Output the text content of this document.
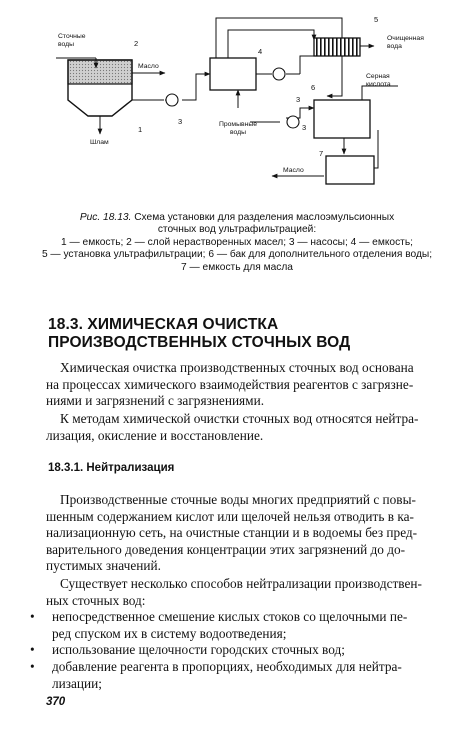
Сточные воды
Масло
Шлам
Промывные воды
Очищенная вода
Серная кислота
Масло
1
2
3
3
3
4
5
6
7
Рис. 18.13. Схема установки для разделения маслоэмульсионных
сточных вод ультрафильтрацией:
1 — емкость; 2 — слой нерастворенных масел; 3 — насосы; 4 — емкость;
5 — установка ультрафильтрации; 6 — бак для дополнительного отделения воды;
7 — емкость для масла
18.3. ХИМИЧЕСКАЯ ОЧИСТКА
ПРОИЗВОДСТВЕННЫХ СТОЧНЫХ ВОД
Химическая очистка производственных сточных вод основана
на процессах химического взаимодействия реагентов с загрязне-
ниями и загрязнений с загрязнениями.
К методам химической очистки сточных вод относятся нейтра-
лизация, окисление и восстановление.
18.3.1. Нейтрализация
Производственные сточные воды многих предприятий с повы-
шенным содержанием кислот или щелочей нельзя отводить в ка-
нализационную сеть, на очистные станции и в водоемы без пред-
варительного доведения концентрации этих загрязнений до до-
пустимых значений.
Существует несколько способов нейтрализации производствен-
ных сточных вод:
• непосредственное смешение кислых стоков со щелочными пе-
ред спуском их в систему водоотведения;
• использование щелочности городских сточных вод;
• добавление реагента в пропорциях, необходимых для нейтра-
лизации;
370
